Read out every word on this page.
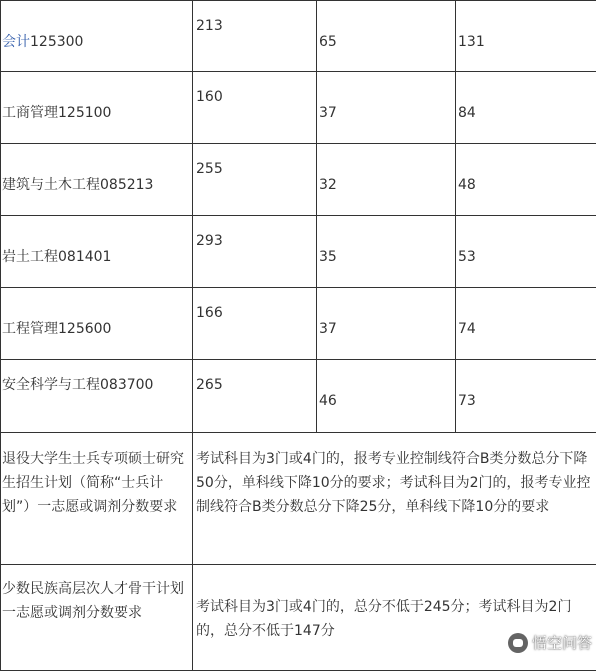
会计125300	213	65	131

工商管理125100	160	37	84

建筑与土木工程085213	255	32	48

岩土工程081401	293	35	53

工程管理125600	166	37	74

安全科学与工程083700	265	46	73

退役大学生士兵专项硕士研究生招生计划（简称“士兵计划”）一志愿或调剂分数要求	考试科目为3门或4门的，报考专业控制线符合B类分数总分下降50分，单科线下降10分的要求；考试科目为2门的，报考专业控制线符合B类分数总分下降25分，单科线下降10分的要求		

少数民族高层次人才骨干计划一志愿或调剂分数要求	考试科目为3门或4门的，总分不低于245分；考试科目为2门的，总分不低于147分		
悟空问答
